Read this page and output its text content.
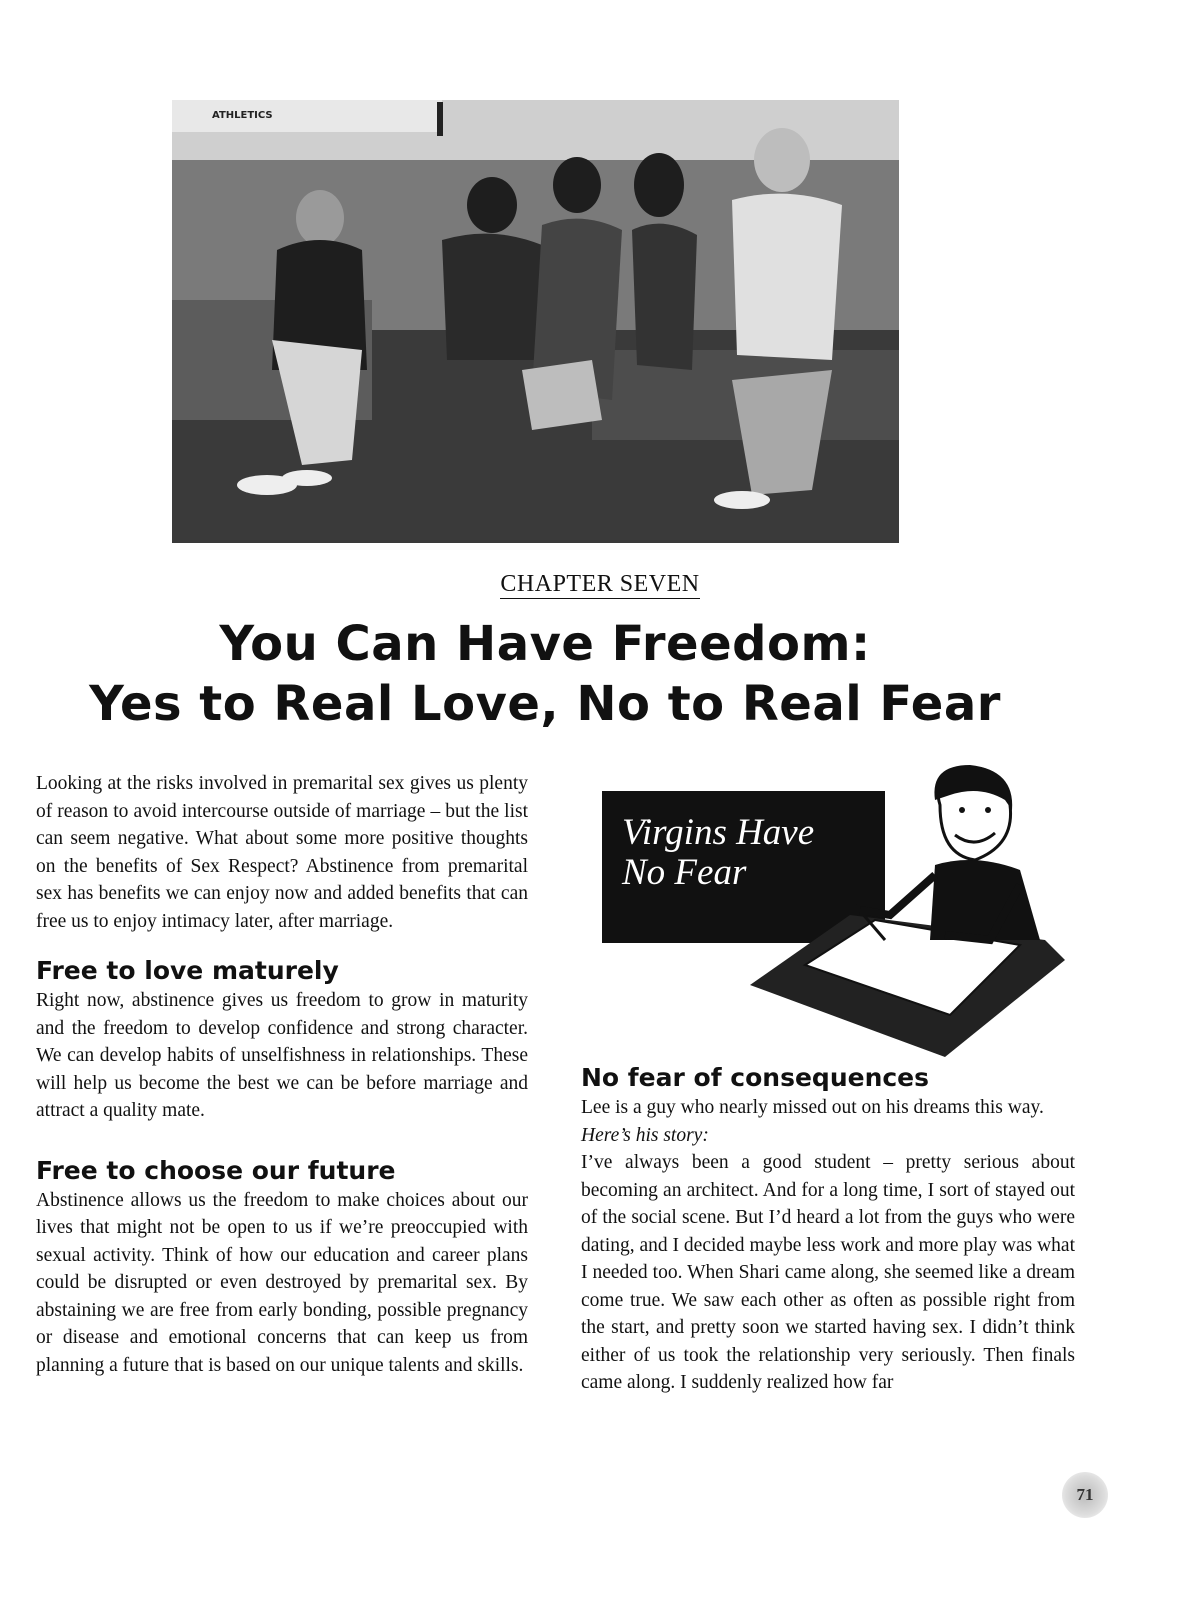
ATHLETICS
CHAPTER SEVEN
You Can Have Freedom:
Yes to Real Love, No to Real Fear

Looking at the risks involved in premarital sex gives us plenty of reason to avoid intercourse outside of marriage – but the list can seem negative. What about some more positive thoughts on the benefits of Sex Respect? Abstinence from premarital sex has benefits we can enjoy now and added benefits that can free us to enjoy intimacy later, after marriage.

Free to love maturely

Right now, abstinence gives us freedom to grow in maturity and the freedom to develop confidence and strong character. We can develop habits of unselfishness in relationships. These will help us become the best we can be before marriage and attract a quality mate.

Free to choose our future

Abstinence allows us the freedom to make choices about our lives that might not be open to us if we’re preoccupied with sexual activity. Think of how our education and career plans could be disrupted or even destroyed by premarital sex. By abstaining we are free from early bonding, possible pregnancy or disease and emotional concerns that can keep us from planning a future that is based on our unique talents and skills.

Virgins Have
No Fear
No fear of consequences

Lee is a guy who nearly missed out on his dreams this way.

Here’s his story:

I’ve always been a good student – pretty serious about becoming an architect. And for a long time, I sort of stayed out of the social scene. But I’d heard a lot from the guys who were dating, and I decided maybe less work and more play was what I needed too. When Shari came along, she seemed like a dream come true. We saw each other as often as possible right from the start, and pretty soon we started having sex. I didn’t think either of us took the relationship very seriously. Then finals came along. I suddenly realized how far

71
